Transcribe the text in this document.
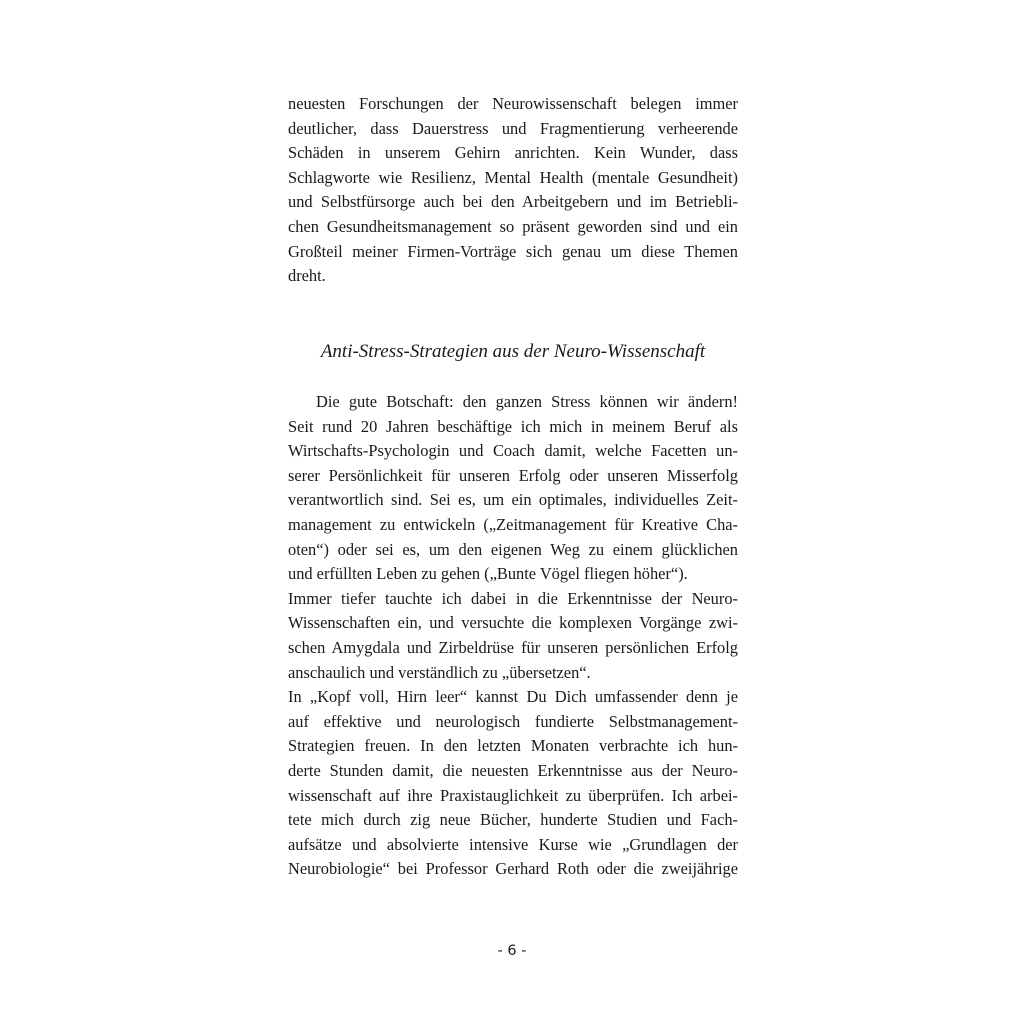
neuesten Forschungen der Neurowissenschaft belegen immer
deutlicher, dass Dauerstress und Fragmentierung verheerende
Schäden in unserem Gehirn anrichten. Kein Wunder, dass
Schlagworte wie Resilienz, Mental Health (mentale Gesundheit)
und Selbstfürsorge auch bei den Arbeitgebern und im Betriebli-
chen Gesundheitsmanagement so präsent geworden sind und ein
Großteil meiner Firmen-Vorträge sich genau um diese Themen
dreht.
Anti-Stress-Strategien aus der Neuro-Wissenschaft
Die gute Botschaft: den ganzen Stress können wir ändern!
Seit rund 20 Jahren beschäftige ich mich in meinem Beruf als
Wirtschafts-Psychologin und Coach damit, welche Facetten un-
serer Persönlichkeit für unseren Erfolg oder unseren Misserfolg
verantwortlich sind. Sei es, um ein optimales, individuelles Zeit-
management zu entwickeln („Zeitmanagement für Kreative Cha-
oten“) oder sei es, um den eigenen Weg zu einem glücklichen
und erfüllten Leben zu gehen („Bunte Vögel fliegen höher“).
Immer tiefer tauchte ich dabei in die Erkenntnisse der Neuro-
Wissenschaften ein, und versuchte die komplexen Vorgänge zwi-
schen Amygdala und Zirbeldrüse für unseren persönlichen Erfolg
anschaulich und verständlich zu „übersetzen“.
In „Kopf voll, Hirn leer“ kannst Du Dich umfassender denn je
auf effektive und neurologisch fundierte Selbstmanagement-
Strategien freuen. In den letzten Monaten verbrachte ich hun-
derte Stunden damit, die neuesten Erkenntnisse aus der Neuro-
wissenschaft auf ihre Praxistauglichkeit zu überprüfen. Ich arbei-
tete mich durch zig neue Bücher, hunderte Studien und Fach-
aufsätze und absolvierte intensive Kurse wie „Grundlagen der
Neurobiologie“ bei Professor Gerhard Roth oder die zweijährige
- 6 -
